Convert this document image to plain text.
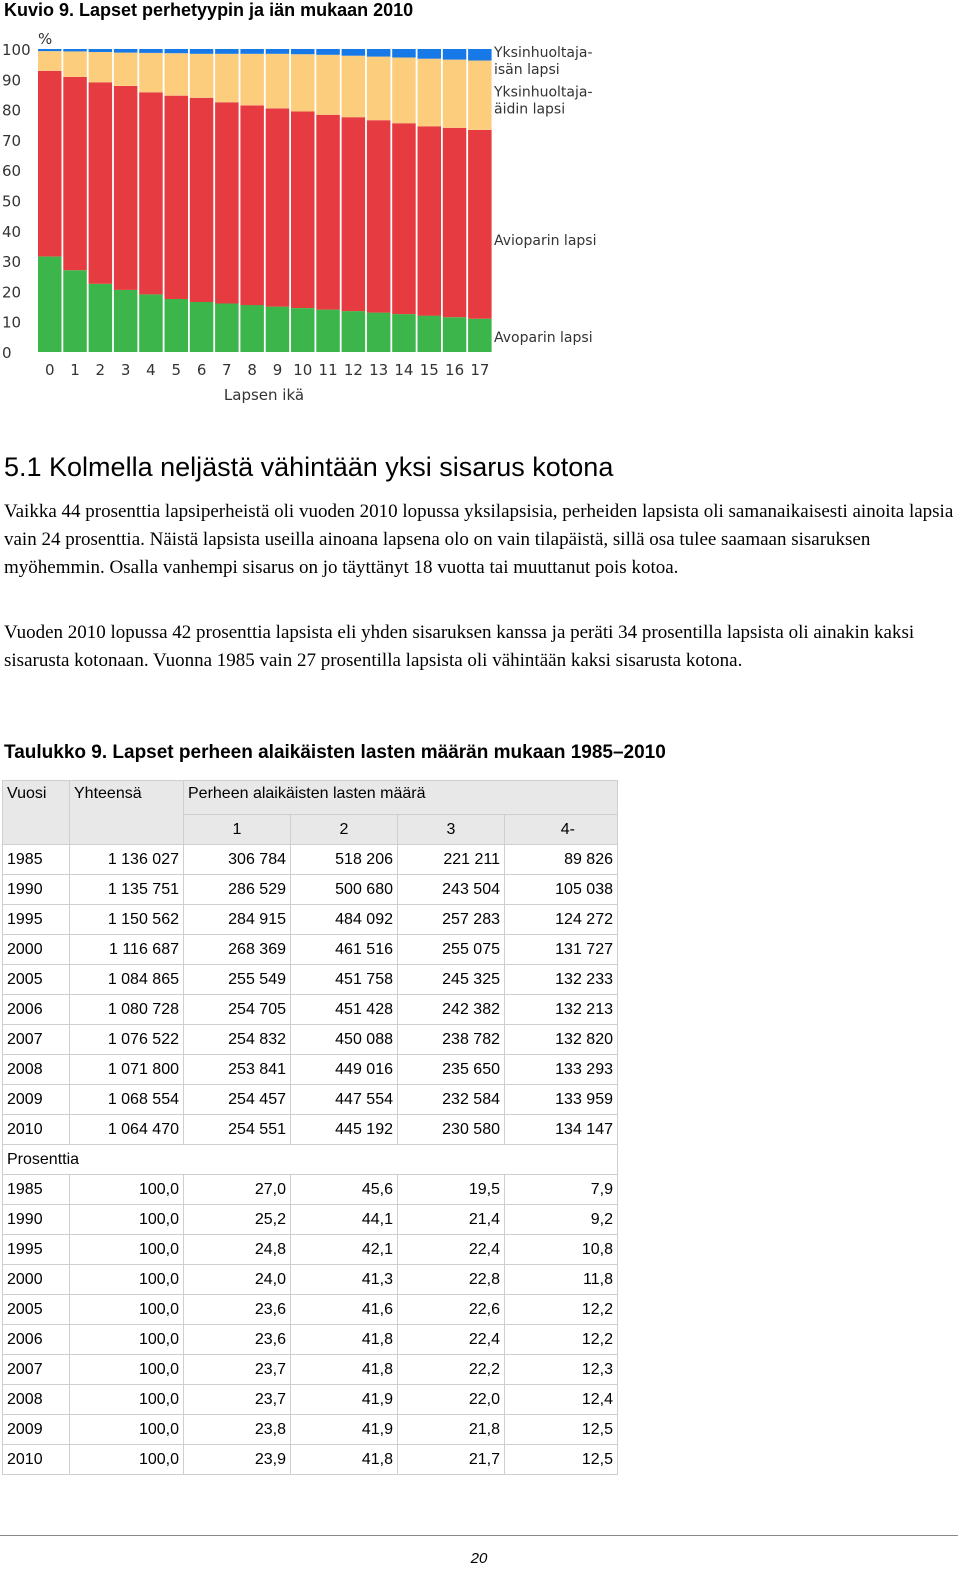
Kuvio 9. Lapset perhetyypin ja iän mukaan 2010
0
10
20
30
40
50
60
70
80
90
100
0 1 2 3 4 5 6 7 8 9 10 11 12 13 14 15 16 17
Avoparin lapsi
Avioparin lapsi
Yksinhuoltaja-äidin lapsi
Yksinhuoltaja-isän lapsi
%
Lapsen ikä
5.1 Kolmella neljästä vähintään yksi sisarus kotona

Vaikka 44 prosenttia lapsiperheistä oli vuoden 2010 lopussa yksilapsisia, perheiden lapsista oli samanaikaisesti ainoita lapsia vain 24 prosenttia. Näistä lapsista useilla ainoana lapsena olo on vain tilapäistä, sillä osa tulee saamaan sisaruksen myöhemmin. Osalla vanhempi sisarus on jo täyttänyt 18 vuotta tai muuttanut pois kotoa.

Vuoden 2010 lopussa 42 prosenttia lapsista eli yhden sisaruksen kanssa ja peräti 34 prosentilla lapsista oli ainakin kaksi sisarusta kotonaan. Vuonna 1985 vain 27 prosentilla lapsista oli vähintään kaksi sisarusta kotona.

Taulukko 9. Lapset perheen alaikäisten lasten määrän mukaan 1985–2010
Vuosi	Yhteensä	Perheen alaikäisten lasten määrä			
		1	2	3	4-
1985	1 136 027	306 784	518 206	221 211	89 826
1990	1 135 751	286 529	500 680	243 504	105 038
1995	1 150 562	284 915	484 092	257 283	124 272
2000	1 116 687	268 369	461 516	255 075	131 727
2005	1 084 865	255 549	451 758	245 325	132 233
2006	1 080 728	254 705	451 428	242 382	132 213
2007	1 076 522	254 832	450 088	238 782	132 820
2008	1 071 800	253 841	449 016	235 650	133 293
2009	1 068 554	254 457	447 554	232 584	133 959
2010	1 064 470	254 551	445 192	230 580	134 147
Prosenttia					
1985	100,0	27,0	45,6	19,5	7,9
1990	100,0	25,2	44,1	21,4	9,2
1995	100,0	24,8	42,1	22,4	10,8
2000	100,0	24,0	41,3	22,8	11,8
2005	100,0	23,6	41,6	22,6	12,2
2006	100,0	23,6	41,8	22,4	12,2
2007	100,0	23,7	41,8	22,2	12,3
2008	100,0	23,7	41,9	22,0	12,4
2009	100,0	23,8	41,9	21,8	12,5
2010	100,0	23,9	41,8	21,7	12,5
20
